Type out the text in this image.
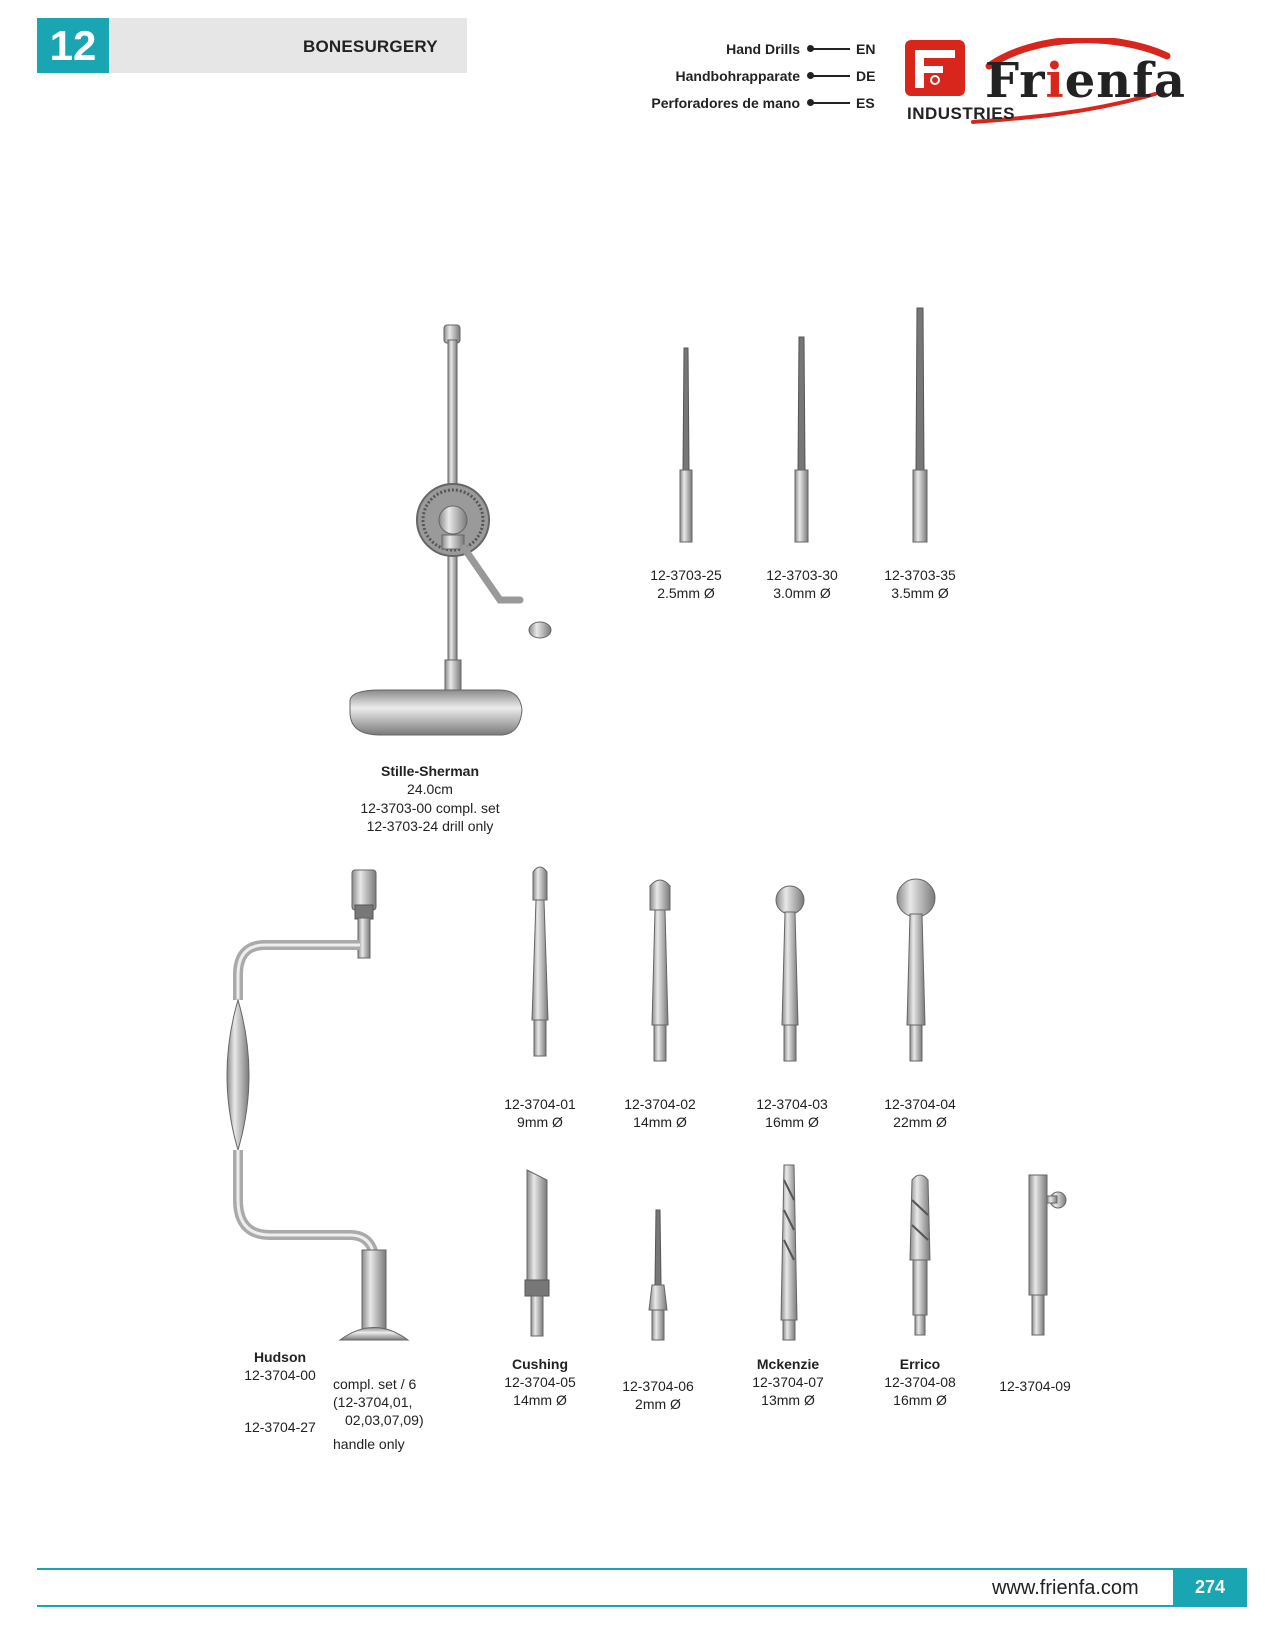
12	BONESURGERY	Hand Drills	EN
Handbohrapparate	DE
Perforadores de mano	ES Frienfa
INDUSTRIES
Stille-Sherman
24.0cm
12-3703-00 compl. set
12-3703-24 drill only
12-3703-25
2.5mm Ø
12-3703-30
3.0mm Ø
12-3703-35
3.5mm Ø
12-3704-01
9mm Ø
12-3704-02
14mm Ø
12-3704-03
16mm Ø
12-3704-04
22mm Ø
Hudson
12-3704-00
compl. set / 6
(12-3704,01,
02,03,07,09)
12-3704-27
handle only
Cushing
12-3704-05
14mm Ø
12-3704-06
2mm Ø
Mckenzie
12-3704-07
13mm Ø
Errico
12-3704-08
16mm Ø
12-3704-09
www.frienfa.com	274
